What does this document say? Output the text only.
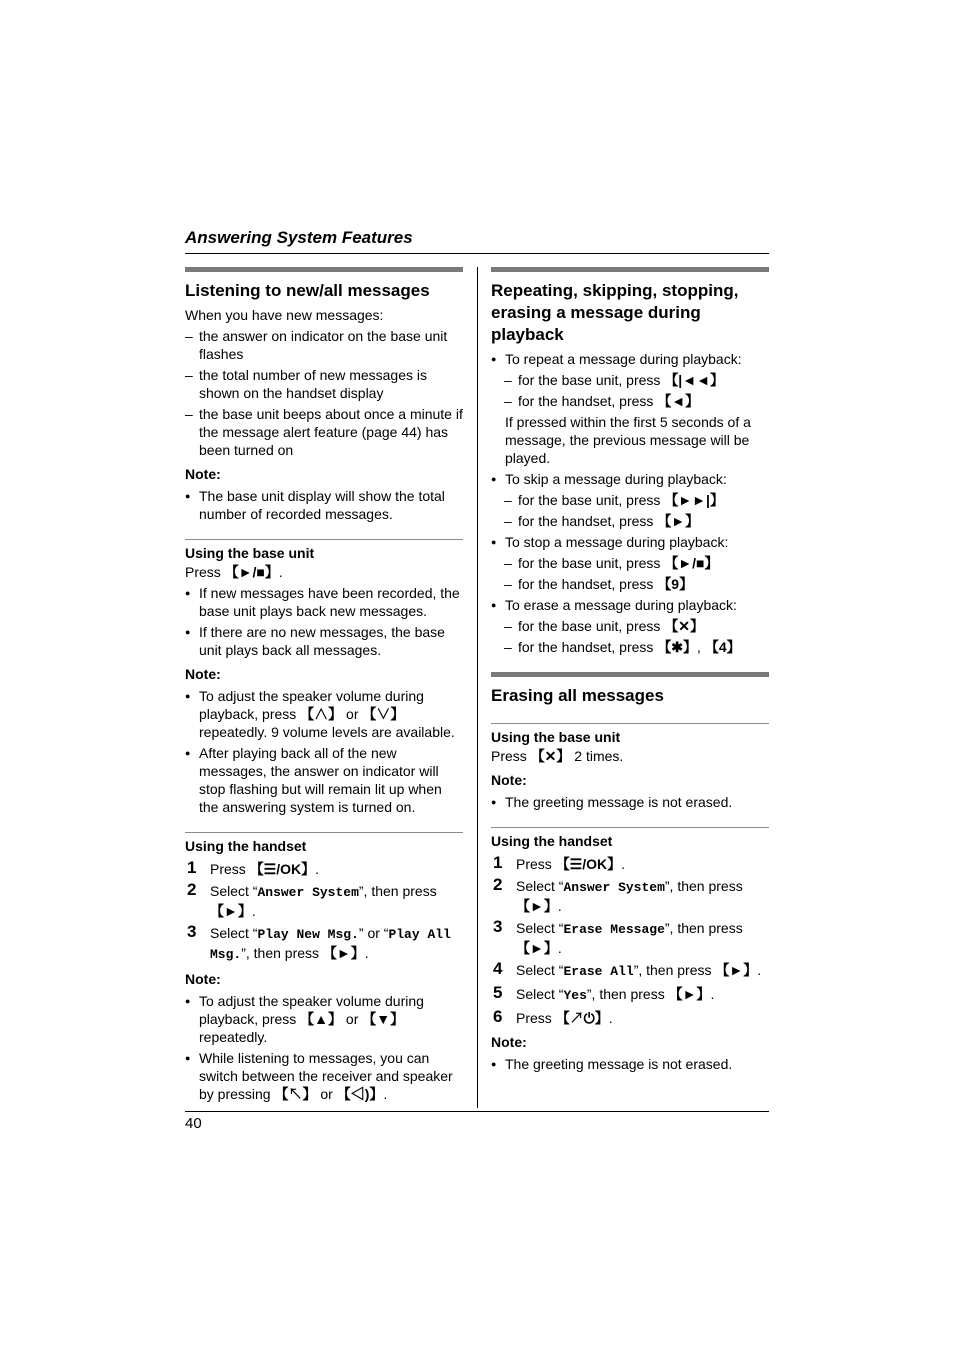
Answering System Features
Listening to new/all messages

When you have new messages:

– the answer on indicator on the base unit flashes
– the total number of new messages is shown on the handset display
– the base unit beeps about once a minute if the message alert feature (page 44) has been turned on
Note:
● The base unit display will show the total number of recorded messages.
Using the base unit

Press 【►/■】.

● If new messages have been recorded, the base unit plays back new messages.
● If there are no new messages, the base unit plays back all messages.
Note:
● To adjust the speaker volume during playback, press 【∧】 or 【∨】 repeatedly. 9 volume levels are available.
● After playing back all of the new messages, the answer on indicator will stop flashing but will remain lit up when the answering system is turned on.
Using the handset
1 Press 【☰/OK】.
2 Select “Answer System”, then press 【►】.
3 Select “Play New Msg.” or “Play All Msg.”, then press 【►】.
Note:
● To adjust the speaker volume during playback, press 【▲】 or 【▼】 repeatedly.
● While listening to messages, you can switch between the receiver and speaker by pressing 【↖】 or 【◁)】.
Repeating, skipping, stopping, erasing a message during playback
● To repeat a message during playback:
– for the base unit, press 【|◄◄】
– for the handset, press 【◄】
If pressed within the first 5 seconds of a message, the previous message will be played.
● To skip a message during playback:
– for the base unit, press 【►►|】
– for the handset, press 【►】
● To stop a message during playback:
– for the base unit, press 【►/■】
– for the handset, press 【9】
● To erase a message during playback:
– for the base unit, press 【✕】
– for the handset, press 【✱】, 【4】
Erasing all messages
Using the base unit

Press 【✕】 2 times.

Note:
● The greeting message is not erased.
Using the handset
1 Press 【☰/OK】.
2 Select “Answer System”, then press 【►】.
3 Select “Erase Message”, then press 【►】.
4 Select “Erase All”, then press 【►】.
5 Select “Yes”, then press 【►】.
6 Press 【↗⏻】.
Note:
● The greeting message is not erased.
40
